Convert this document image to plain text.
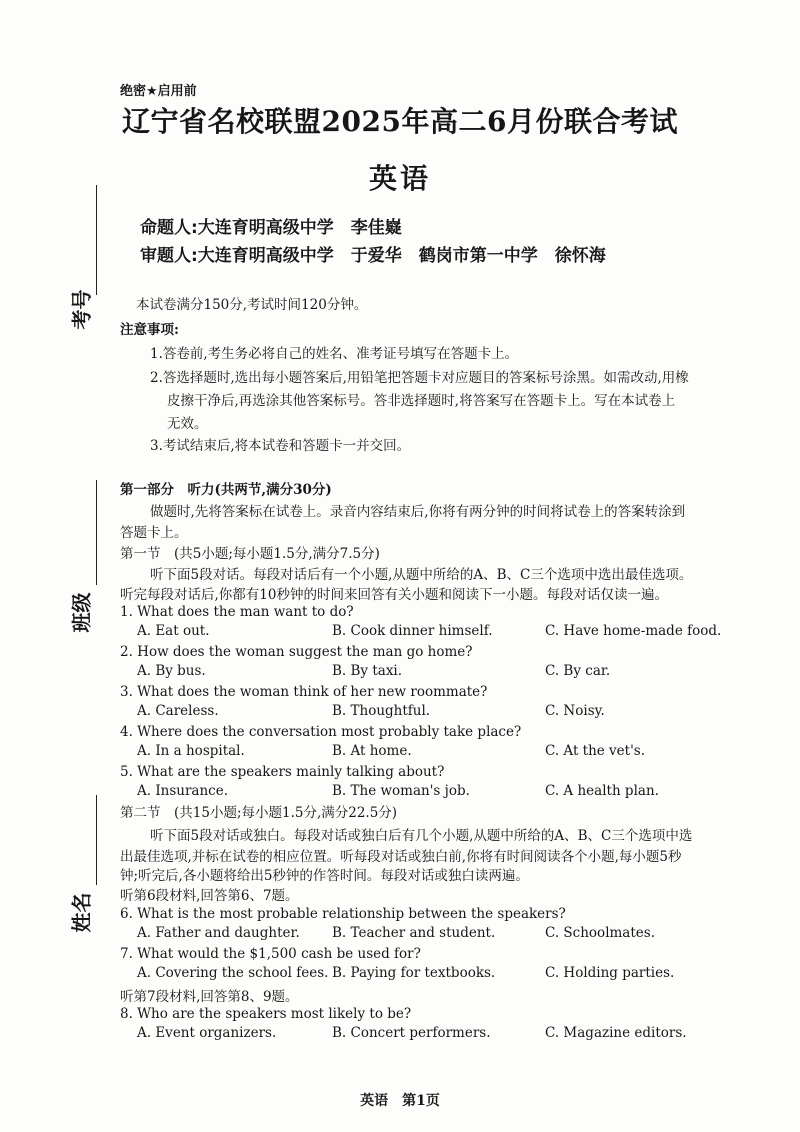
绝密★启用前
辽宁省名校联盟2025年高二6月份联合考试
英语
命题人:大连育明高级中学　李佳嶷
审题人:大连育明高级中学　于爱华　鹤岗市第一中学　徐怀海
考号
班级
姓名
本试卷满分150分,考试时间120分钟。
注意事项:
1.答卷前,考生务必将自己的姓名、准考证号填写在答题卡上。
2.答选择题时,选出每小题答案后,用铅笔把答题卡对应题目的答案标号涂黑。如需改动,用橡
皮擦干净后,再选涂其他答案标号。答非选择题时,将答案写在答题卡上。写在本试卷上
无效。
3.考试结束后,将本试卷和答题卡一并交回。
第一部分　听力(共两节,满分30分)
做题时,先将答案标在试卷上。录音内容结束后,你将有两分钟的时间将试卷上的答案转涂到
答题卡上。
第一节　(共5小题;每小题1.5分,满分7.5分)
听下面5段对话。每段对话后有一个小题,从题中所给的A、B、C三个选项中选出最佳选项。
听完每段对话后,你都有10秒钟的时间来回答有关小题和阅读下一小题。每段对话仅读一遍。
1. What does the man want to do?
A. Eat out.	B. Cook dinner himself.	C. Have home-made food.
2. How does the woman suggest the man go home?
A. By bus.	B. By taxi.	C. By car.
3. What does the woman think of her new roommate?
A. Careless.	B. Thoughtful.	C. Noisy.
4. Where does the conversation most probably take place?
A. In a hospital.	B. At home.	C. At the vet's.
5. What are the speakers mainly talking about?
A. Insurance.	B. The woman's job.	C. A health plan.
第二节　(共15小题;每小题1.5分,满分22.5分)
听下面5段对话或独白。每段对话或独白后有几个小题,从题中所给的A、B、C三个选项中选
出最佳选项,并标在试卷的相应位置。听每段对话或独白前,你将有时间阅读各个小题,每小题5秒
钟;听完后,各小题将给出5秒钟的作答时间。每段对话或独白读两遍。
听第6段材料,回答第6、7题。
6. What is the most probable relationship between the speakers?
A. Father and daughter. B. Teacher and student.	C. Schoolmates.
7. What would the $1,500 cash be used for?
A. Covering the school fees. B. Paying for textbooks.	C. Holding parties.
听第7段材料,回答第8、9题。
8. Who are the speakers most likely to be?
A. Event organizers.	B. Concert performers.	C. Magazine editors.
英语　第1页
